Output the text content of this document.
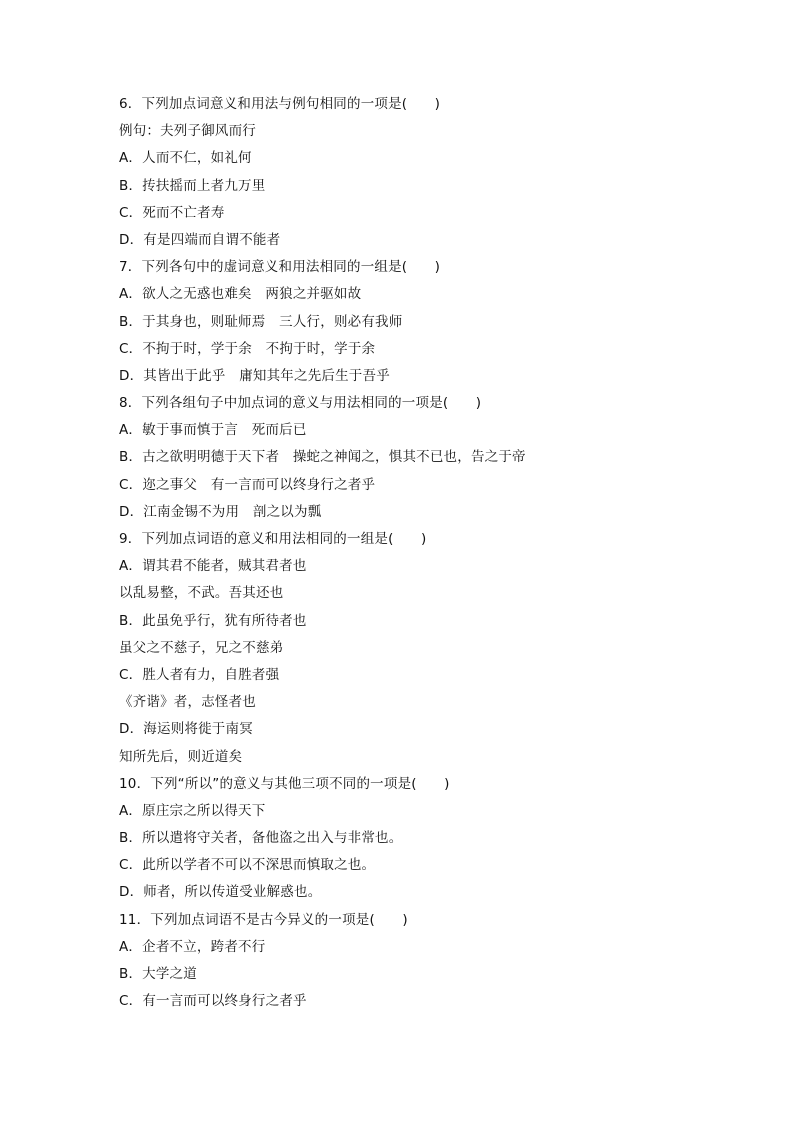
6．下列加点词意义和用法与例句相同的一项是(　　)
例句：夫列子御风而行
A．人而不仁，如礼何
B．抟扶摇而上者九万里
C．死而不亡者寿
D．有是四端而自谓不能者
7．下列各句中的虚词意义和用法相同的一组是(　　)
A．欲人之无惑也难矣　两狼之并驱如故
B．于其身也，则耻师焉　三人行，则必有我师
C．不拘于时，学于余　不拘于时，学于余
D．其皆出于此乎　庸知其年之先后生于吾乎
8．下列各组句子中加点词的意义与用法相同的一项是(　　)
A．敏于事而慎于言　死而后已
B．古之欲明明德于天下者　操蛇之神闻之，惧其不已也，告之于帝
C．迩之事父　有一言而可以终身行之者乎
D．江南金锡不为用　剖之以为瓢
9．下列加点词语的意义和用法相同的一组是(　　)
A．谓其君不能者，贼其君者也
以乱易整，不武。吾其还也
B．此虽免乎行，犹有所待者也
虽父之不慈子，兄之不慈弟
C．胜人者有力，自胜者强
《齐谐》者，志怪者也
D．海运则将徙于南冥
知所先后，则近道矣
10．下列“所以”的意义与其他三项不同的一项是(　　)
A．原庄宗之所以得天下
B．所以遣将守关者，备他盗之出入与非常也。
C．此所以学者不可以不深思而慎取之也。
D．师者，所以传道受业解惑也。
11．下列加点词语不是古今异义的一项是(　　)
A．企者不立，跨者不行
B．大学之道
C．有一言而可以终身行之者乎
